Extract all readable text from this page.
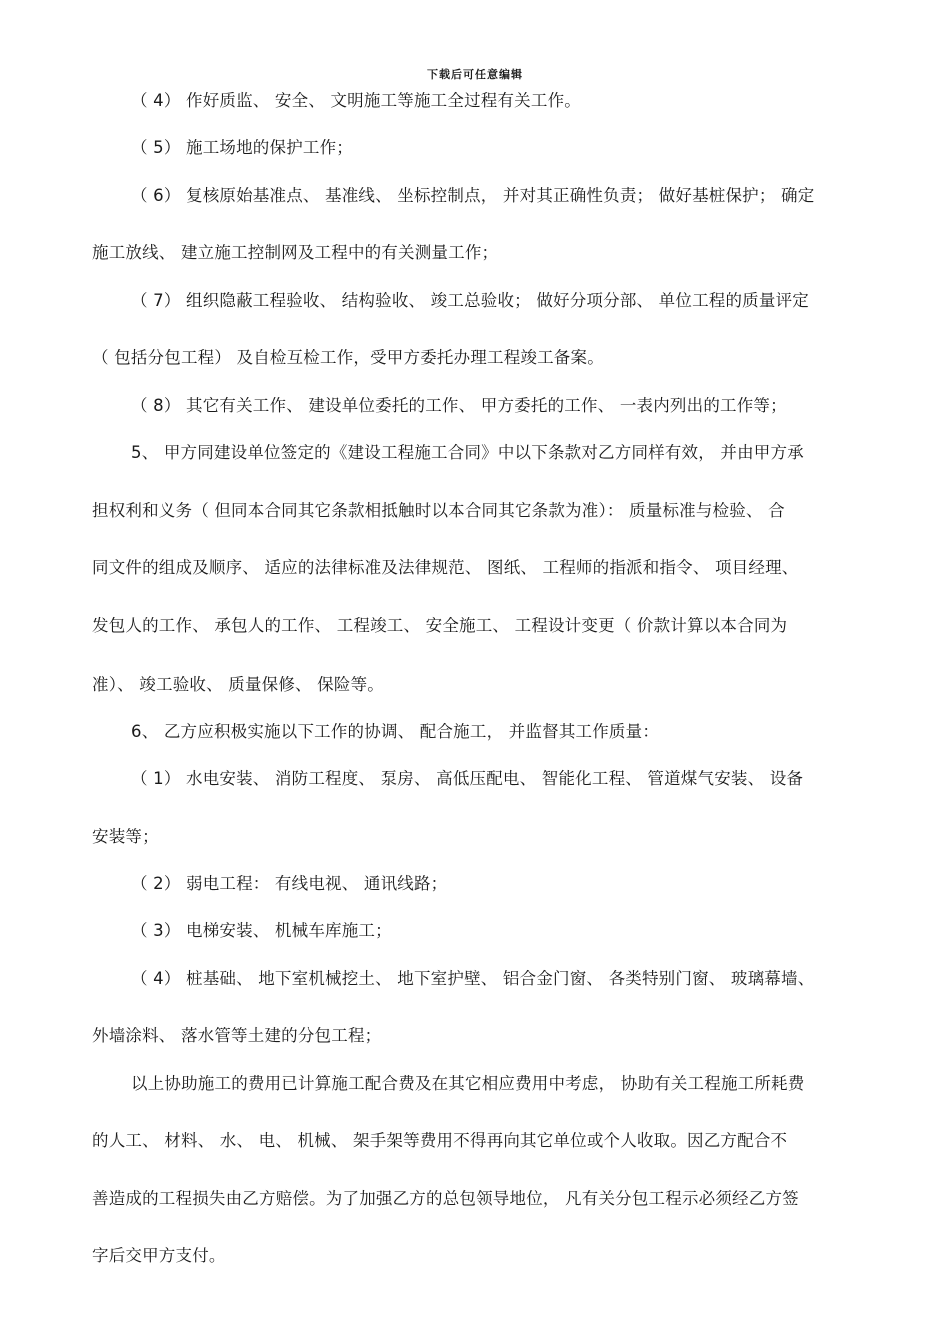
下载后可任意编辑
（ 4） 作好质监、 安全、 文明施工等施工全过程有关工作。
（ 5） 施工场地的保护工作；
（ 6） 复核原始基准点、 基准线、 坐标控制点， 并对其正确性负责； 做好基桩保护； 确定
施工放线、 建立施工控制网及工程中的有关测量工作；
（ 7） 组织隐蔽工程验收、 结构验收、 竣工总验收； 做好分项分部、 单位工程的质量评定
（ 包括分包工程） 及自检互检工作，受甲方委托办理工程竣工备案。
（ 8） 其它有关工作、 建设单位委托的工作、 甲方委托的工作、 一表内列出的工作等；
5、 甲方同建设单位签定的《建设工程施工合同》中以下条款对乙方同样有效， 并由甲方承
担权利和义务（ 但同本合同其它条款相抵触时以本合同其它条款为准）： 质量标准与检验、 合
同文件的组成及顺序、 适应的法律标准及法律规范、 图纸、 工程师的指派和指令、 项目经理、
发包人的工作、 承包人的工作、 工程竣工、 安全施工、 工程设计变更（ 价款计算以本合同为
准）、 竣工验收、 质量保修、 保险等。
6、 乙方应积极实施以下工作的协调、 配合施工， 并监督其工作质量：
（ 1） 水电安装、 消防工程度、 泵房、 高低压配电、 智能化工程、 管道煤气安装、 设备
安装等；
（ 2） 弱电工程： 有线电视、 通讯线路；
（ 3） 电梯安装、 机械车库施工；
（ 4） 桩基础、 地下室机械挖土、 地下室护壁、 铝合金门窗、 各类特别门窗、 玻璃幕墙、
外墙涂料、 落水管等土建的分包工程；
以上协助施工的费用已计算施工配合费及在其它相应费用中考虑， 协助有关工程施工所耗费
的人工、 材料、 水、 电、 机械、 架手架等费用不得再向其它单位或个人收取。因乙方配合不
善造成的工程损失由乙方赔偿。为了加强乙方的总包领导地位， 凡有关分包工程示必须经乙方签
字后交甲方支付。
